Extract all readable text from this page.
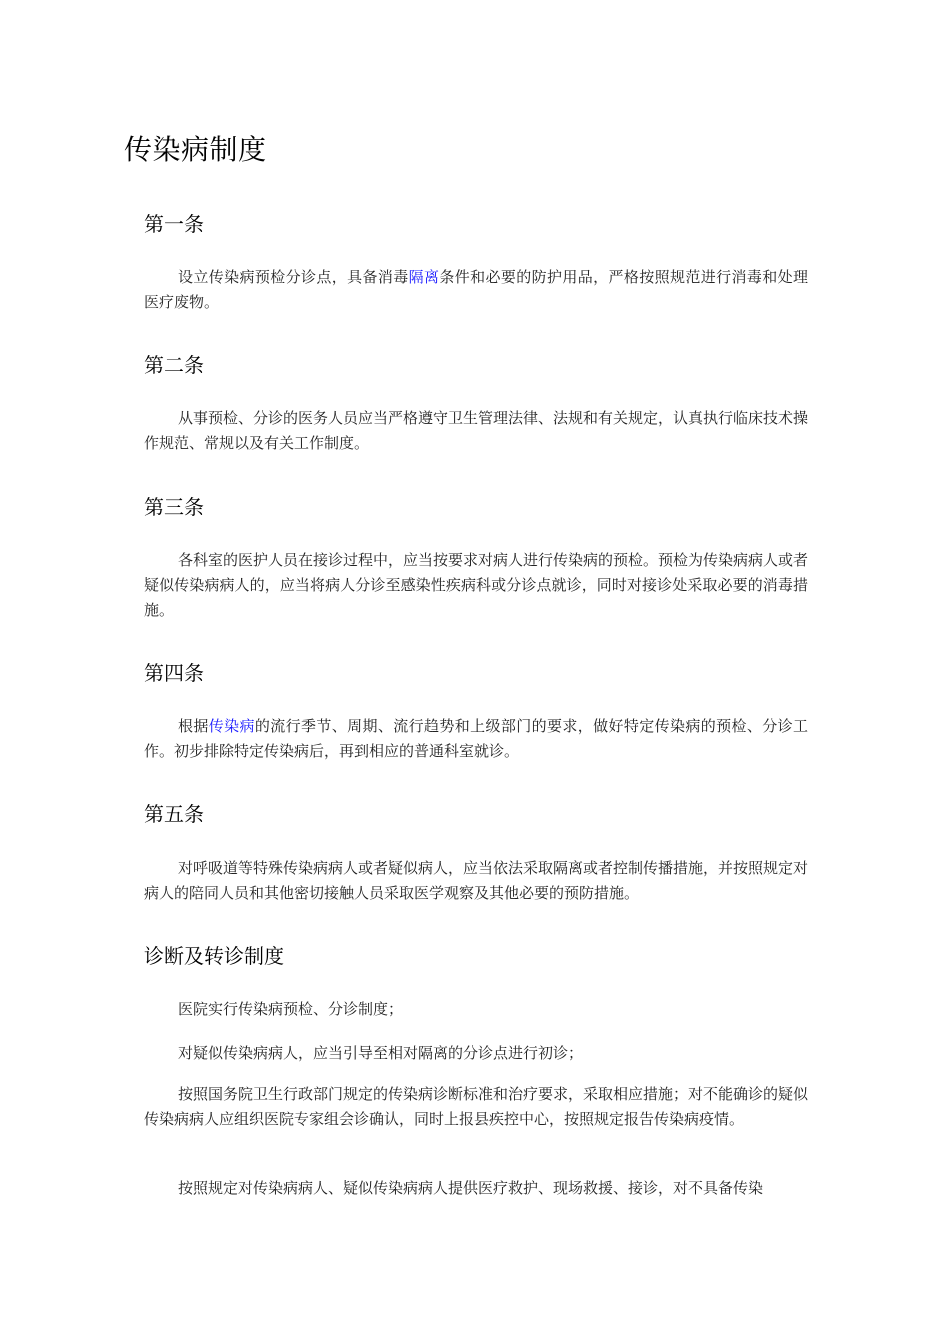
传染病制度
第一条

设立传染病预检分诊点，具备消毒隔离条件和必要的防护用品，严格按照规范进行消毒和处理医疗废物。

第二条

从事预检、分诊的医务人员应当严格遵守卫生管理法律、法规和有关规定，认真执行临床技术操作规范、常规以及有关工作制度。

第三条

各科室的医护人员在接诊过程中，应当按要求对病人进行传染病的预检。预检为传染病病人或者疑似传染病病人的，应当将病人分诊至感染性疾病科或分诊点就诊，同时对接诊处采取必要的消毒措施。

第四条

根据传染病的流行季节、周期、流行趋势和上级部门的要求，做好特定传染病的预检、分诊工作。初步排除特定传染病后，再到相应的普通科室就诊。

第五条

对呼吸道等特殊传染病病人或者疑似病人，应当依法采取隔离或者控制传播措施，并按照规定对病人的陪同人员和其他密切接触人员采取医学观察及其他必要的预防措施。

诊断及转诊制度

医院实行传染病预检、分诊制度；

对疑似传染病病人，应当引导至相对隔离的分诊点进行初诊；

按照国务院卫生行政部门规定的传染病诊断标准和治疗要求，采取相应措施；对不能确诊的疑似传染病病人应组织医院专家组会诊确认，同时上报县疾控中心，按照规定报告传染病疫情。

按照规定对传染病病人、疑似传染病病人提供医疗救护、现场救援、接诊，对不具备传染
